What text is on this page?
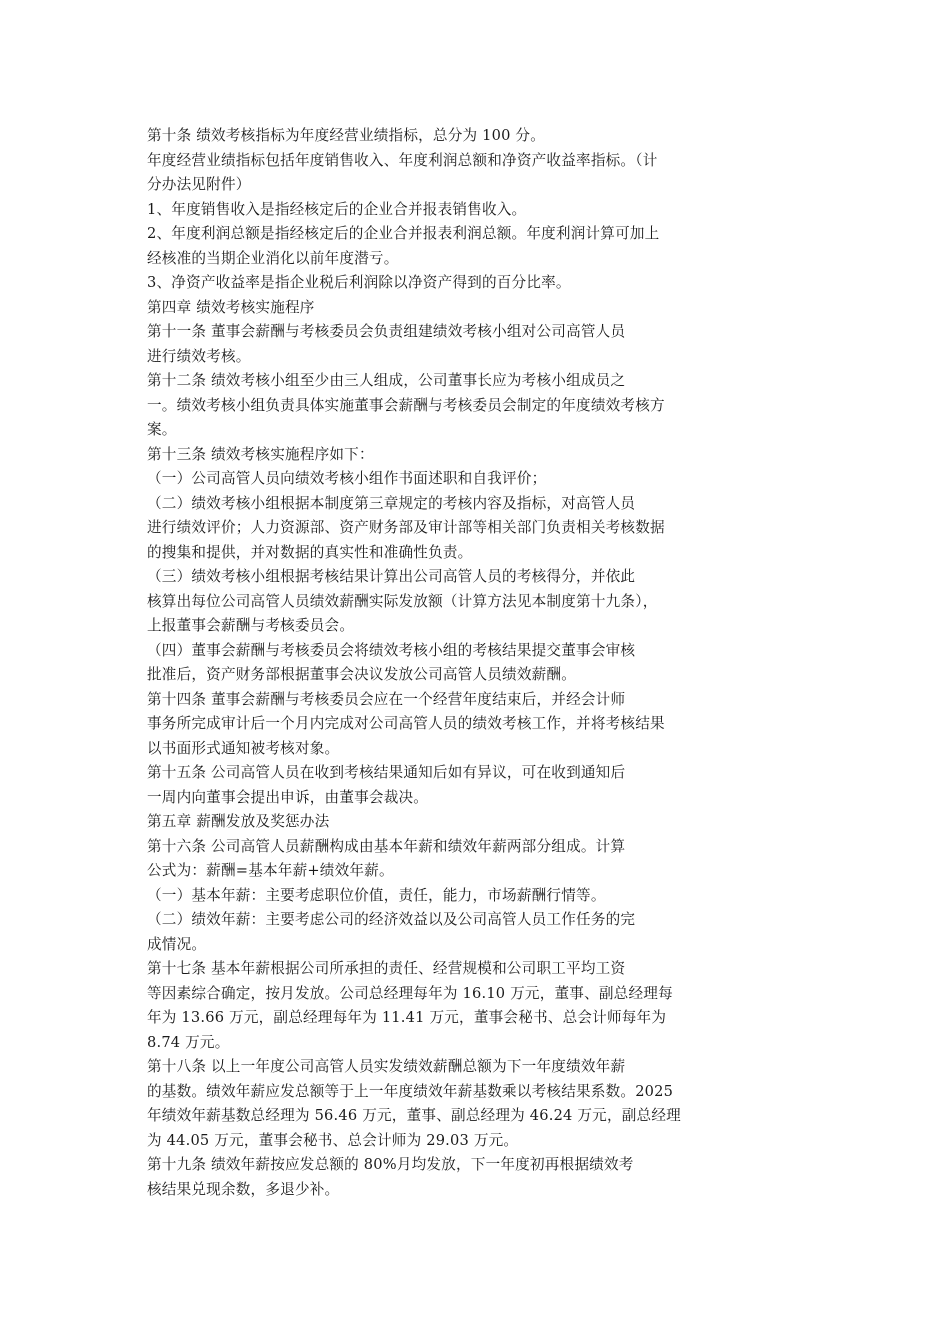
第十条 绩效考核指标为年度经营业绩指标，总分为 100 分。
年度经营业绩指标包括年度销售收入、年度利润总额和净资产收益率指标。（计
分办法见附件）
1、年度销售收入是指经核定后的企业合并报表销售收入。
2、年度利润总额是指经核定后的企业合并报表利润总额。年度利润计算可加上
经核准的当期企业消化以前年度潜亏。
3、净资产收益率是指企业税后利润除以净资产得到的百分比率。
第四章 绩效考核实施程序
第十一条 董事会薪酬与考核委员会负责组建绩效考核小组对公司高管人员
进行绩效考核。
第十二条 绩效考核小组至少由三人组成，公司董事长应为考核小组成员之
一。绩效考核小组负责具体实施董事会薪酬与考核委员会制定的年度绩效考核方
案。
第十三条 绩效考核实施程序如下：
（一）公司高管人员向绩效考核小组作书面述职和自我评价；
（二）绩效考核小组根据本制度第三章规定的考核内容及指标，对高管人员
进行绩效评价；人力资源部、资产财务部及审计部等相关部门负责相关考核数据
的搜集和提供，并对数据的真实性和准确性负责。
（三）绩效考核小组根据考核结果计算出公司高管人员的考核得分，并依此
核算出每位公司高管人员绩效薪酬实际发放额（计算方法见本制度第十九条），
上报董事会薪酬与考核委员会。
（四）董事会薪酬与考核委员会将绩效考核小组的考核结果提交董事会审核
批准后，资产财务部根据董事会决议发放公司高管人员绩效薪酬。
第十四条 董事会薪酬与考核委员会应在一个经营年度结束后，并经会计师
事务所完成审计后一个月内完成对公司高管人员的绩效考核工作，并将考核结果
以书面形式通知被考核对象。
第十五条 公司高管人员在收到考核结果通知后如有异议，可在收到通知后
一周内向董事会提出申诉，由董事会裁决。
第五章 薪酬发放及奖惩办法
第十六条 公司高管人员薪酬构成由基本年薪和绩效年薪两部分组成。计算
公式为：薪酬=基本年薪+绩效年薪。
（一）基本年薪：主要考虑职位价值，责任，能力，市场薪酬行情等。
（二）绩效年薪：主要考虑公司的经济效益以及公司高管人员工作任务的完
成情况。
第十七条 基本年薪根据公司所承担的责任、经营规模和公司职工平均工资
等因素综合确定，按月发放。公司总经理每年为 16.10 万元，董事、副总经理每
年为 13.66 万元，副总经理每年为 11.41 万元，董事会秘书、总会计师每年为
8.74 万元。
第十八条 以上一年度公司高管人员实发绩效薪酬总额为下一年度绩效年薪
的基数。绩效年薪应发总额等于上一年度绩效年薪基数乘以考核结果系数。2025
年绩效年薪基数总经理为 56.46 万元，董事、副总经理为 46.24 万元，副总经理
为 44.05 万元，董事会秘书、总会计师为 29.03 万元。
第十九条 绩效年薪按应发总额的 80%月均发放，下一年度初再根据绩效考
核结果兑现余数，多退少补。
